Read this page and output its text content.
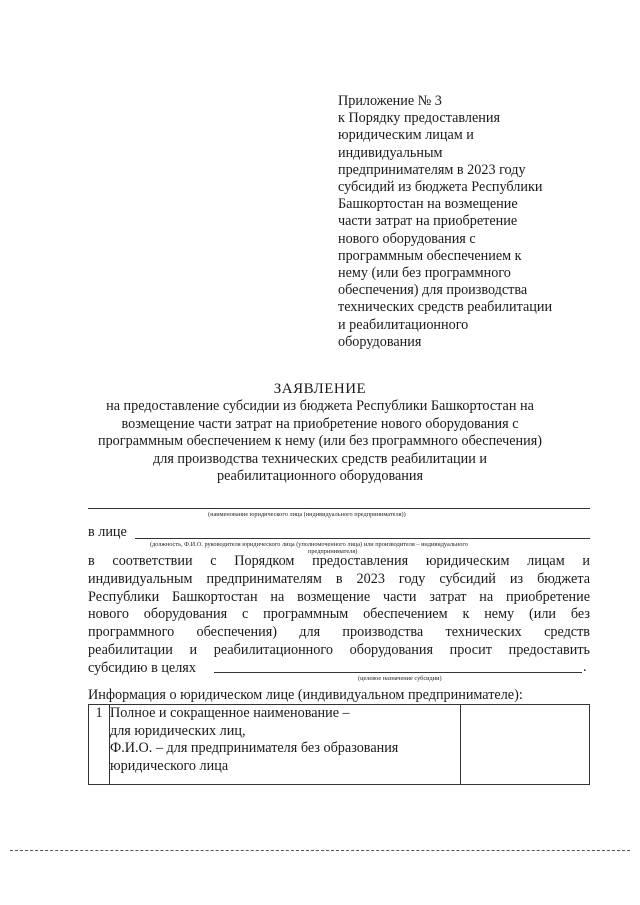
Приложение № 3
к Порядку предоставления
юридическим лицам и
индивидуальным
предпринимателям в 2023 году
субсидий из бюджета Республики
Башкортостан на возмещение
части затрат на приобретение
нового оборудования с
программным обеспечением к
нему (или без программного
обеспечения) для производства
технических средств реабилитации
и реабилитационного
оборудования
ЗАЯВЛЕНИЕ
на предоставление субсидии из бюджета Республики Башкортостан на
возмещение части затрат на приобретение нового оборудования с
программным обеспечением к нему (или без программного обеспечения)
для производства технических средств реабилитации и
реабилитационного оборудования
(наименование юридического лица (индивидуального предпринимателя))
в лице
(должность, Ф.И.О. руководителя юридического лица (уполномоченного лица) или производителя – индивидуального
предпринимателя)
в соответствии с Порядком предоставления юридическим лицам и
индивидуальным предпринимателям в 2023 году субсидий из бюджета
Республики Башкортостан на возмещение части затрат на приобретение
нового оборудования с программным обеспечением к нему (или без
программного обеспечения) для производства технических средств
реабилитации и реабилитационного оборудования просит предоставить
субсидию в целях	.
(целевое назначение субсидии)
Информация о юридическом лице (индивидуальном предпринимателе):
1	Полное и сокращенное наименование –
для юридических лиц,
Ф.И.О. – для предпринимателя без образования
юридического лица
